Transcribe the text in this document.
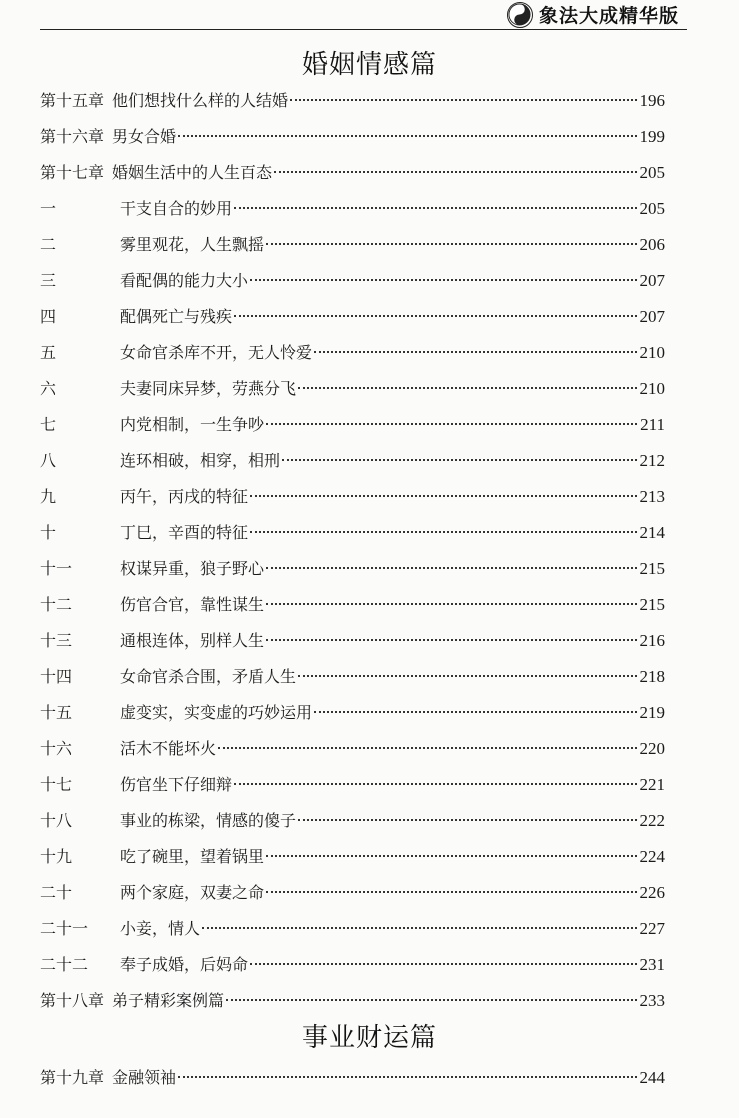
象法大成精华版
婚姻情感篇
第十五章 他们想找什么样的人结婚	196
第十六章 男女合婚	199
第十七章 婚姻生活中的人生百态	205
一	干支自合的妙用	205
二	雾里观花，人生飘摇	206
三	看配偶的能力大小	207
四	配偶死亡与残疾	207
五	女命官杀库不开，无人怜爱	210
六	夫妻同床异梦，劳燕分飞	210
七	内党相制，一生争吵	211
八	连环相破，相穿，相刑	212
九	丙午，丙戌的特征	213
十	丁巳，辛酉的特征	214
十一	权谋异重，狼子野心	215
十二	伤官合官，靠性谋生	215
十三	通根连体，别样人生	216
十四	女命官杀合围，矛盾人生	218
十五	虚变实，实变虚的巧妙运用	219
十六	活木不能坏火	220
十七	伤官坐下仔细辩	221
十八	事业的栋梁，情感的傻子	222
十九	吃了碗里，望着锅里	224
二十	两个家庭，双妻之命	226
二十一	小妾，情人	227
二十二	奉子成婚，后妈命	231
第十八章 弟子精彩案例篇	233
事业财运篇
第十九章 金融领袖	244
